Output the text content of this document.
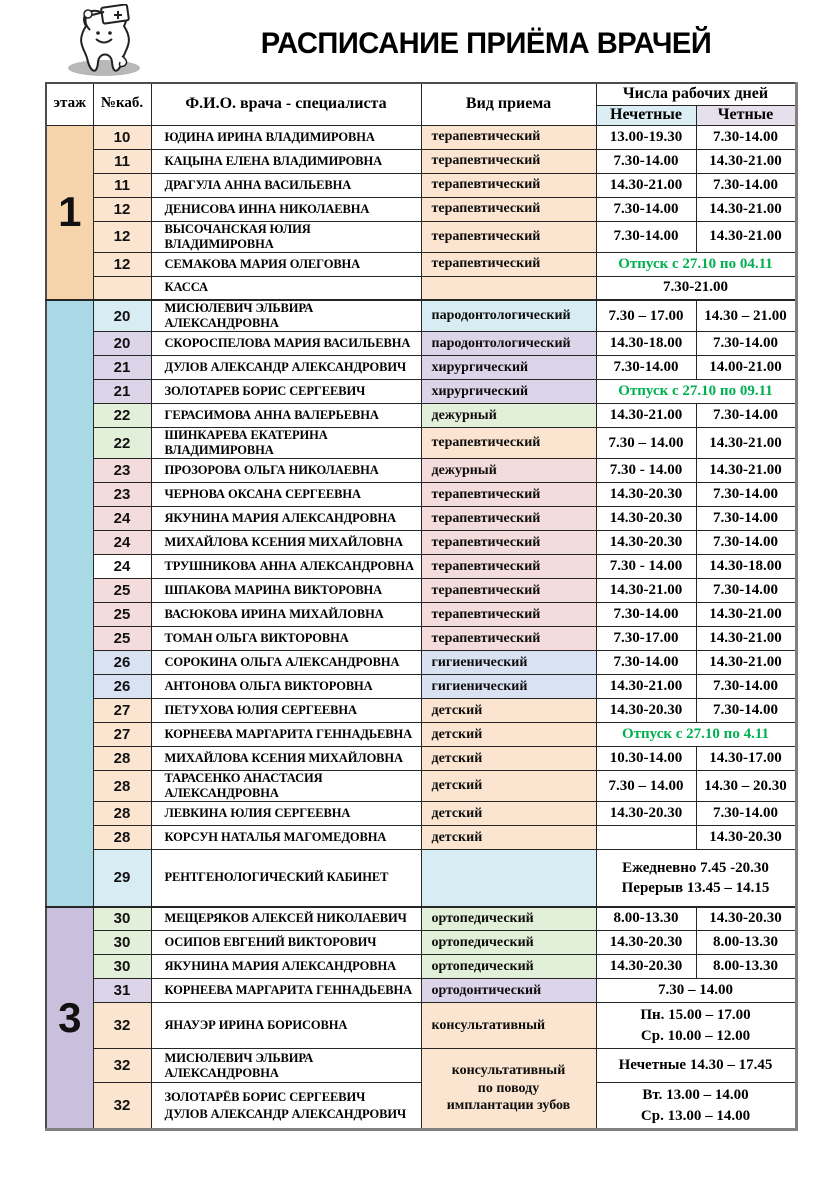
РАСПИСАНИЕ ПРИЁМА ВРАЧЕЙ
этаж	№каб.	Ф.И.О. врача - специалиста	Вид приема	Числа рабочих дней	
				Нечетные	Четные
1	10	ЮДИНА ИРИНА ВЛАДИМИРОВНА	терапевтический	13.00-19.30	7.30-14.00
	11	КАЦЫНА ЕЛЕНА ВЛАДИМИРОВНА	терапевтический	7.30-14.00	14.30-21.00
	11	ДРАГУЛА АННА ВАСИЛЬЕВНА	терапевтический	14.30-21.00	7.30-14.00
	12	ДЕНИСОВА ИННА НИКОЛАЕВНА	терапевтический	7.30-14.00	14.30-21.00
	12	ВЫСОЧАНСКАЯ ЮЛИЯ ВЛАДИМИРОВНА	терапевтический	7.30-14.00	14.30-21.00
	12	СЕМАКОВА МАРИЯ ОЛЕГОВНА	терапевтический	Отпуск с 27.10 по 04.11	
		КАССА		7.30-21.00	
	20	МИСЮЛЕВИЧ ЭЛЬВИРА АЛЕКСАНДРОВНА	пародонтологический	7.30 – 17.00	14.30 – 21.00
	20	СКОРОСПЕЛОВА МАРИЯ ВАСИЛЬЕВНА	пародонтологический	14.30-18.00	7.30-14.00
	21	ДУЛОВ АЛЕКСАНДР АЛЕКСАНДРОВИЧ	хирургический	7.30-14.00	14.00-21.00
	21	ЗОЛОТАРЕВ БОРИС СЕРГЕЕВИЧ	хирургический	Отпуск с 27.10 по 09.11	
	22	ГЕРАСИМОВА АННА ВАЛЕРЬЕВНА	дежурный	14.30-21.00	7.30-14.00
	22	ШИНКАРЕВА ЕКАТЕРИНА ВЛАДИМИРОВНА	терапевтический	7.30 – 14.00	14.30-21.00
	23	ПРОЗОРОВА ОЛЬГА НИКОЛАЕВНА	дежурный	7.30 - 14.00	14.30-21.00
	23	ЧЕРНОВА ОКСАНА СЕРГЕЕВНА	терапевтический	14.30-20.30	7.30-14.00
	24	ЯКУНИНА МАРИЯ АЛЕКСАНДРОВНА	терапевтический	14.30-20.30	7.30-14.00
	24	МИХАЙЛОВА КСЕНИЯ МИХАЙЛОВНА	терапевтический	14.30-20.30	7.30-14.00
	24	ТРУШНИКОВА АННА АЛЕКСАНДРОВНА	терапевтический	7.30 - 14.00	14.30-18.00
	25	ШПАКОВА МАРИНА ВИКТОРОВНА	терапевтический	14.30-21.00	7.30-14.00
	25	ВАСЮКОВА ИРИНА МИХАЙЛОВНА	терапевтический	7.30-14.00	14.30-21.00
	25	ТОМАН ОЛЬГА ВИКТОРОВНА	терапевтический	7.30-17.00	14.30-21.00
	26	СОРОКИНА ОЛЬГА АЛЕКСАНДРОВНА	гигиенический	7.30-14.00	14.30-21.00
	26	АНТОНОВА ОЛЬГА ВИКТОРОВНА	гигиенический	14.30-21.00	7.30-14.00
	27	ПЕТУХОВА ЮЛИЯ СЕРГЕЕВНА	детский	14.30-20.30	7.30-14.00
	27	КОРНЕЕВА МАРГАРИТА ГЕННАДЬЕВНА	детский	Отпуск с 27.10 по 4.11	
	28	МИХАЙЛОВА КСЕНИЯ МИХАЙЛОВНА	детский	10.30-14.00	14.30-17.00
	28	ТАРАСЕНКО АНАСТАСИЯ АЛЕКСАНДРОВНА	детский	7.30 – 14.00	14.30 – 20.30
	28	ЛЕВКИНА ЮЛИЯ СЕРГЕЕВНА	детский	14.30-20.30	7.30-14.00
	28	КОРСУН НАТАЛЬЯ МАГОМЕДОВНА	детский		14.30-20.30
	29	РЕНТГЕНОЛОГИЧЕСКИЙ КАБИНЕТ		Ежедневно 7.45 -20.30
Перерыв 13.45 – 14.15	

3	30	МЕЩЕРЯКОВ АЛЕКСЕЙ НИКОЛАЕВИЧ	ортопедический	8.00-13.30	14.30-20.30
	30	ОСИПОВ ЕВГЕНИЙ ВИКТОРОВИЧ	ортопедический	14.30-20.30	8.00-13.30
	30	ЯКУНИНА МАРИЯ АЛЕКСАНДРОВНА	ортопедический	14.30-20.30	8.00-13.30
	31	КОРНЕЕВА МАРГАРИТА ГЕННАДЬЕВНА	ортодонтический	7.30 – 14.00	
	32	ЯНАУЭР ИРИНА БОРИСОВНА	консультативный	Пн. 15.00 – 17.00
Ср. 10.00 – 12.00	

	32	МИСЮЛЕВИЧ ЭЛЬВИРА АЛЕКСАНДРОВНА	консультативный
по поводу
имплантации зубов	Нечетные 14.30 – 17.45	
	32	ЗОЛОТАРЁВ БОРИС СЕРГЕЕВИЧ
ДУЛОВ АЛЕКСАНДР АЛЕКСАНДРОВИЧ		Вт. 13.00 – 14.00
Ср. 13.00 – 14.00	
